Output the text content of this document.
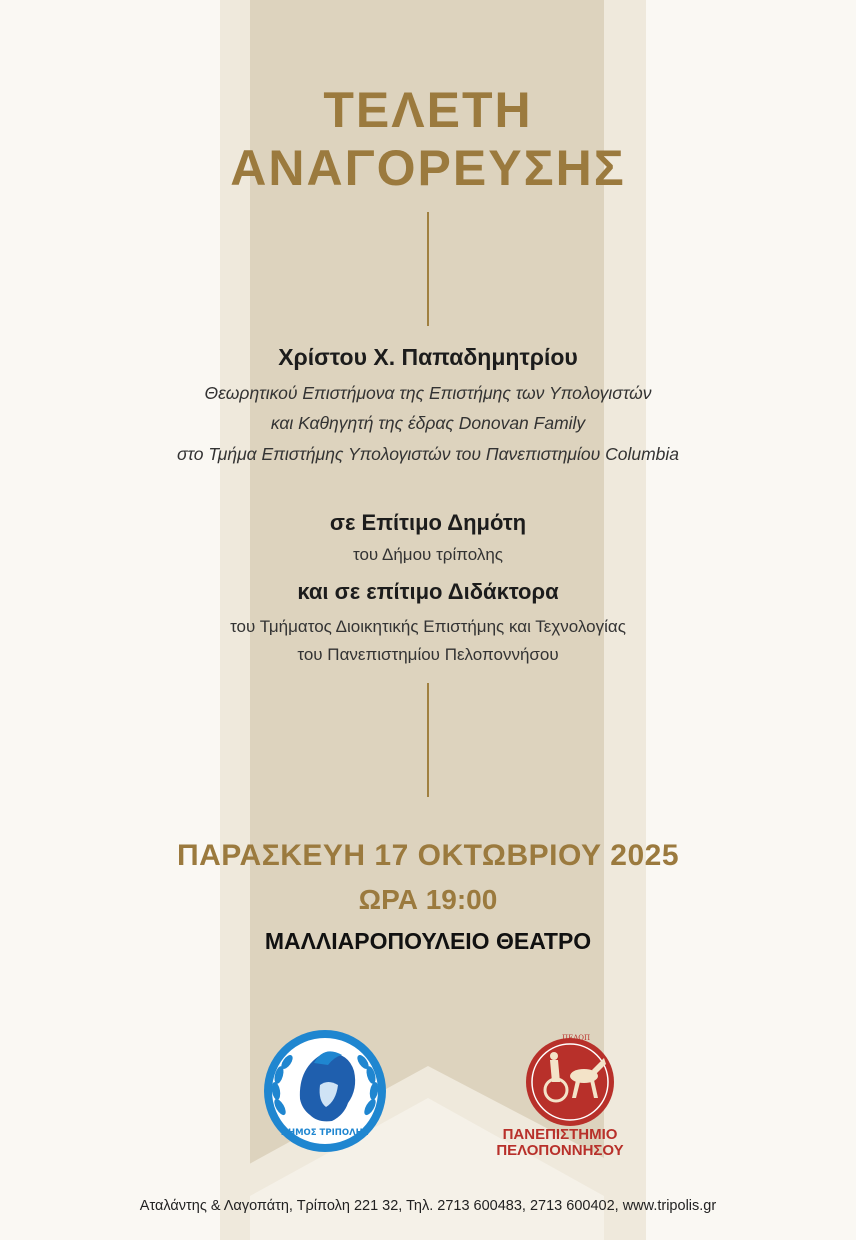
ΤΕΛΕΤΗ
ΑΝΑΓΟΡΕΥΣΗΣ
Χρίστου Χ. Παπαδημητρίου
Θεωρητικού Επιστήμονα της Επιστήμης των Υπολογιστών
και Καθηγητή της έδρας Donovan Family
στο Τμήμα Επιστήμης Υπολογιστών του Πανεπιστημίου Columbia
σε Επίτιμο Δημότη
του Δήμου τρίπολης
και σε επίτιμο Διδάκτορα
του Τμήματος Διοικητικής Επιστήμης και Τεχνολογίας
του Πανεπιστημίου Πελοποννήσου
ΠΑΡΑΣΚΕΥΗ 17 ΟΚΤΩΒΡΙΟΥ 2025
ΩΡΑ 19:00
ΜΑΛΛΙΑΡΟΠΟΥΛΕΙΟ ΘΕΑΤΡΟ
ΔΗΜΟΣ ΤΡΙΠΟΛΗΣ
ΠΕΛΟΠ
ΠΑΝΕΠΙΣΤΗΜΙΟ
ΠΕΛΟΠΟΝΝΗΣΟΥ
Αταλάντης & Λαγοπάτη, Τρίπολη 221 32, Τηλ. 2713 600483, 2713 600402, www.tripolis.gr
